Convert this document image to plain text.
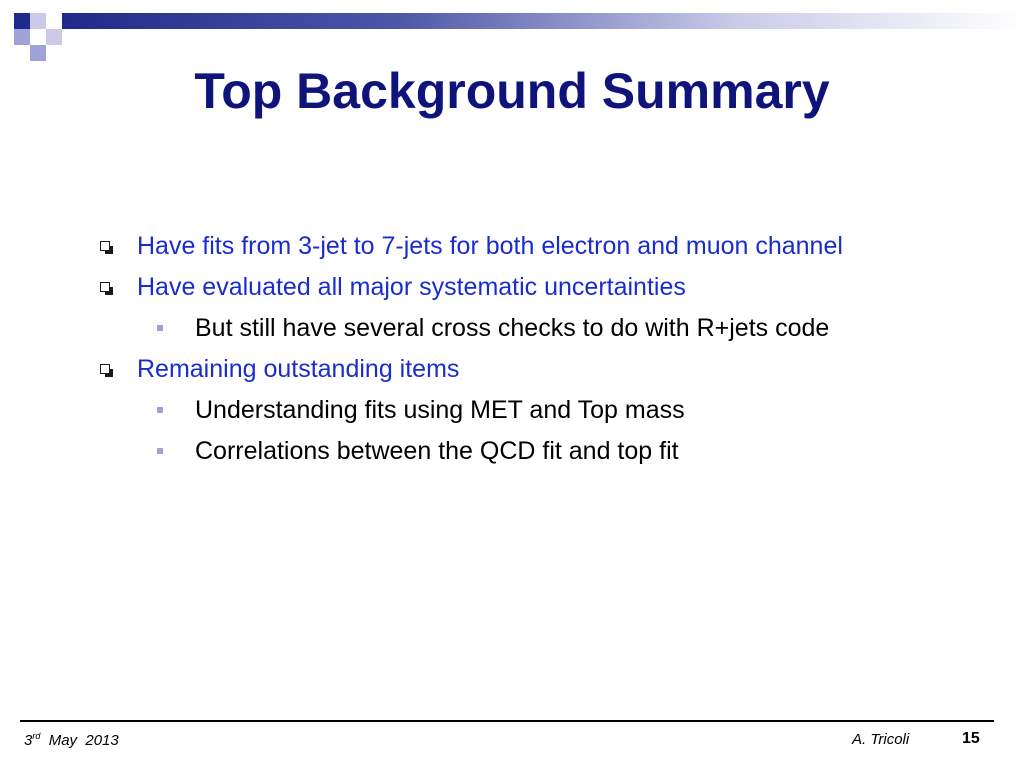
Top Background Summary
Have fits from 3-jet to 7-jets for both electron and muon channel
Have evaluated all major systematic uncertainties
But still have several cross checks to do with R+jets code
Remaining outstanding items
Understanding fits using MET and Top mass
Correlations between the QCD fit and top fit
3rd May  2013	A. Tricoli	15
